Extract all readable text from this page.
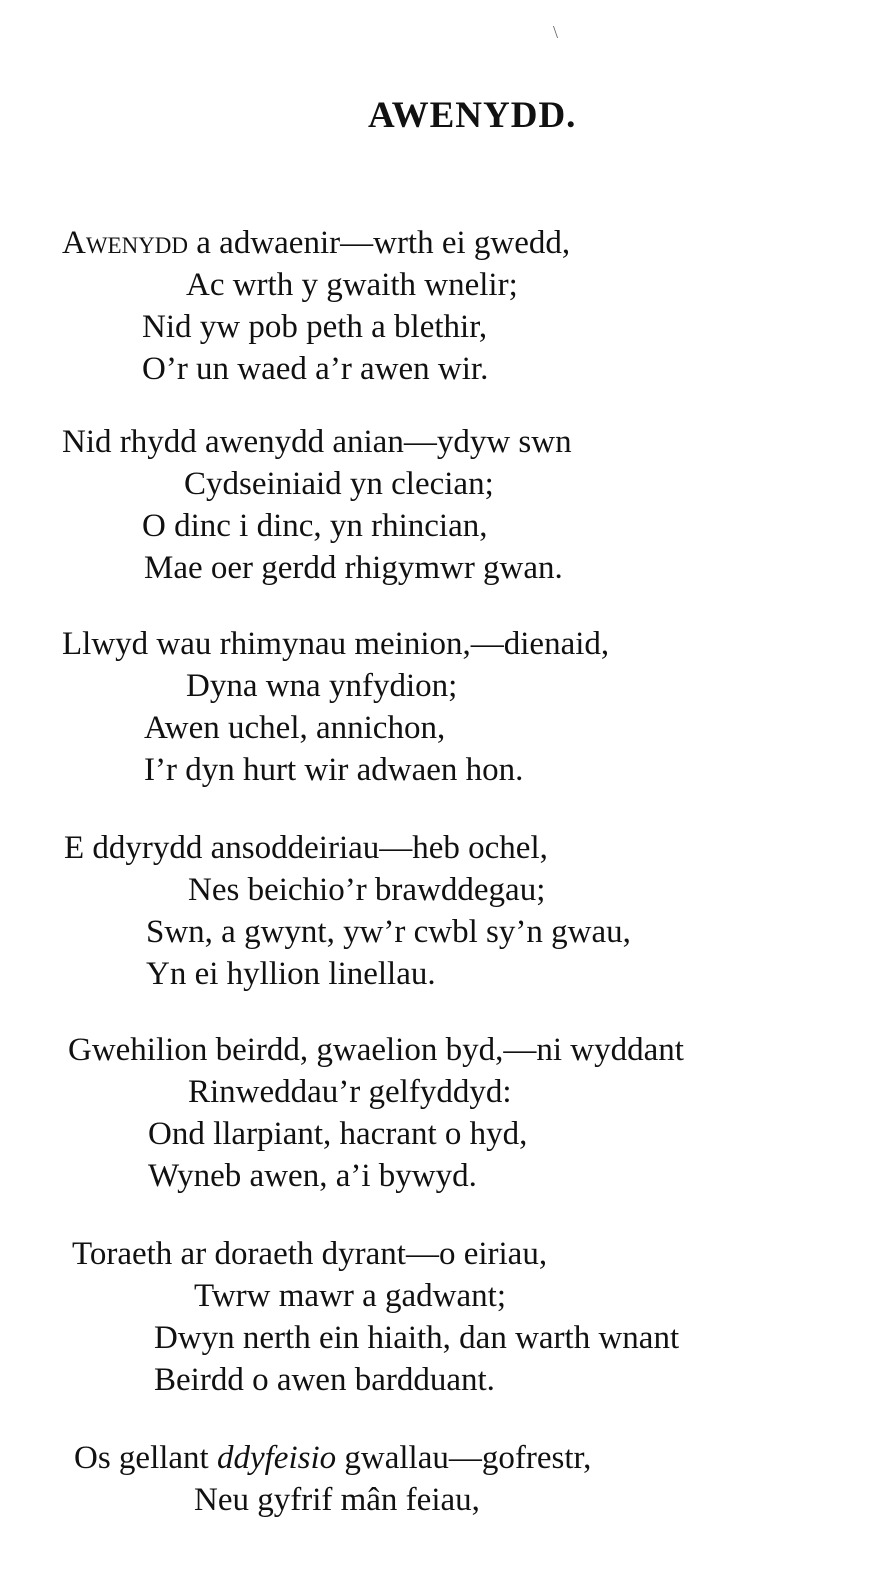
\
AWENYDD.
Awenydd a adwaenir—wrth ei gwedd,
Ac wrth y gwaith wnelir;
Nid yw pob peth a blethir,
O’r un waed a’r awen wir.
Nid rhydd awenydd anian—ydyw swn
Cydseiniaid yn clecian;
O dinc i dinc, yn rhincian,
Mae oer gerdd rhigymwr gwan.
Llwyd wau rhimynau meinion,—dienaid,
Dyna wna ynfydion;
Awen uchel, annichon,
I’r dyn hurt wir adwaen hon.
E ddyrydd ansoddeiriau—heb ochel,
Nes beichio’r brawddegau;
Swn, a gwynt, yw’r cwbl sy’n gwau,
Yn ei hyllion linellau.
Gwehilion beirdd, gwaelion byd,—ni wyddant
Rinweddau’r gelfyddyd:
Ond llarpiant, hacrant o hyd,
Wyneb awen, a’i bywyd.
Toraeth ar doraeth dyrant—o eiriau,
Twrw mawr a gadwant;
Dwyn nerth ein hiaith, dan warth wnant
Beirdd o awen bardduant.
Os gellant ddyfeisio gwallau—gofrestr,
Neu gyfrif mân feiau,
